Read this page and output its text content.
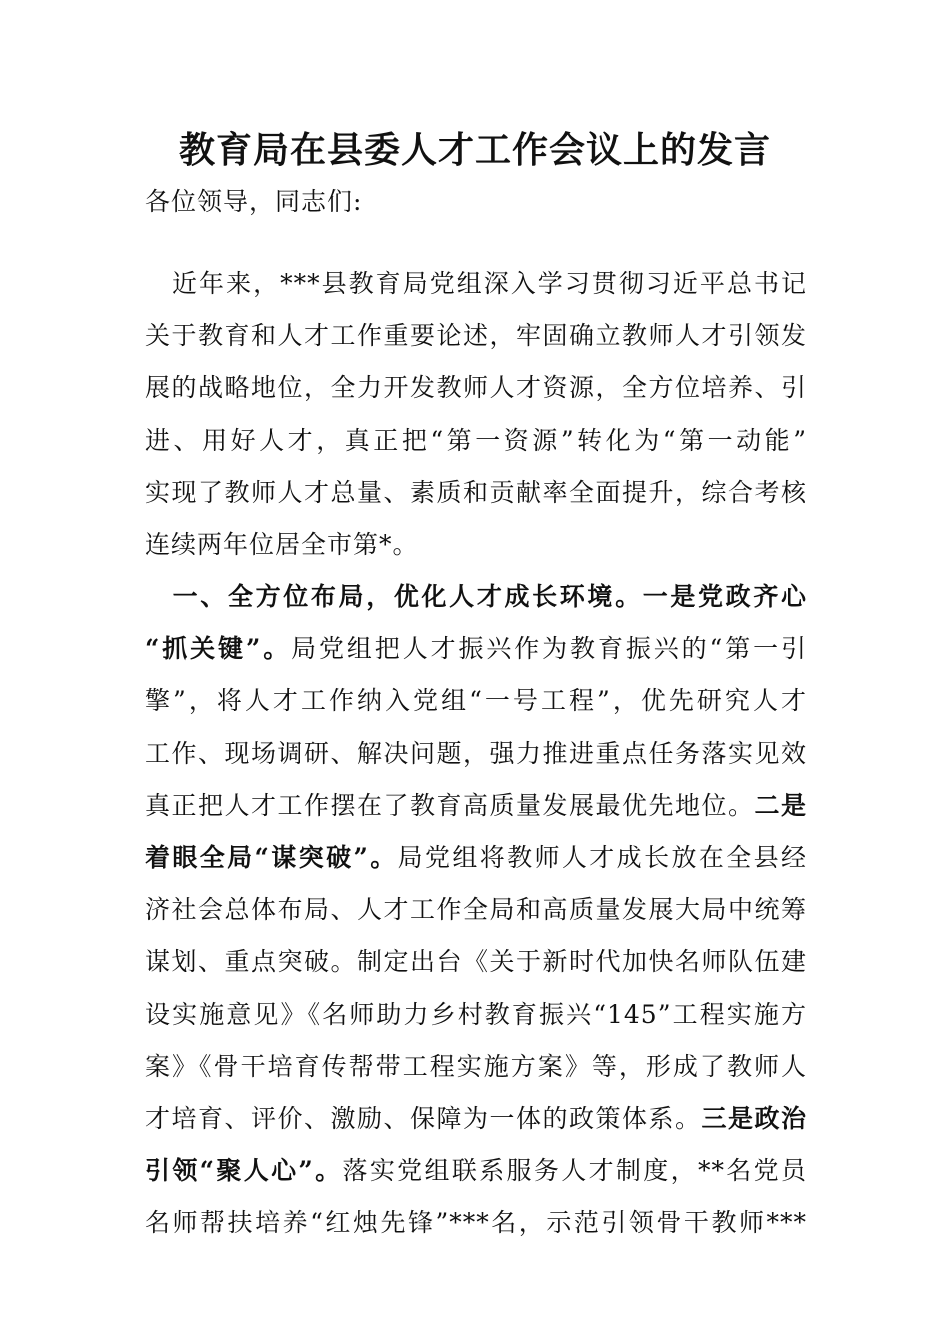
教育局在县委人才工作会议上的发言

各位领导，同志们:

　近年来，***县教育局党组深入学习贯彻习近平总书记
关于教育和人才工作重要论述，牢固确立教师人才引领发
展的战略地位，全力开发教师人才资源，全方位培养、引
进、用好人才，真正把“第一资源”转化为“第一动能”
实现了教师人才总量、素质和贡献率全面提升，综合考核
连续两年位居全市第*。
　一、全方位布局，优化人才成长环境。一是党政齐心
“抓关键”。局党组把人才振兴作为教育振兴的“第一引
擎”，将人才工作纳入党组“一号工程”，优先研究人才
工作、现场调研、解决问题，强力推进重点任务落实见效
真正把人才工作摆在了教育高质量发展最优先地位。二是
着眼全局“谋突破”。局党组将教师人才成长放在全县经
济社会总体布局、人才工作全局和高质量发展大局中统筹
谋划、重点突破。制定出台《关于新时代加快名师队伍建
设实施意见》《名师助力乡村教育振兴“145”工程实施方
案》《骨干培育传帮带工程实施方案》等，形成了教师人
才培育、评价、激励、保障为一体的政策体系。三是政治
引领“聚人心”。落实党组联系服务人才制度，**名党员
名师帮扶培养“红烛先锋”***名，示范引领骨干教师***
